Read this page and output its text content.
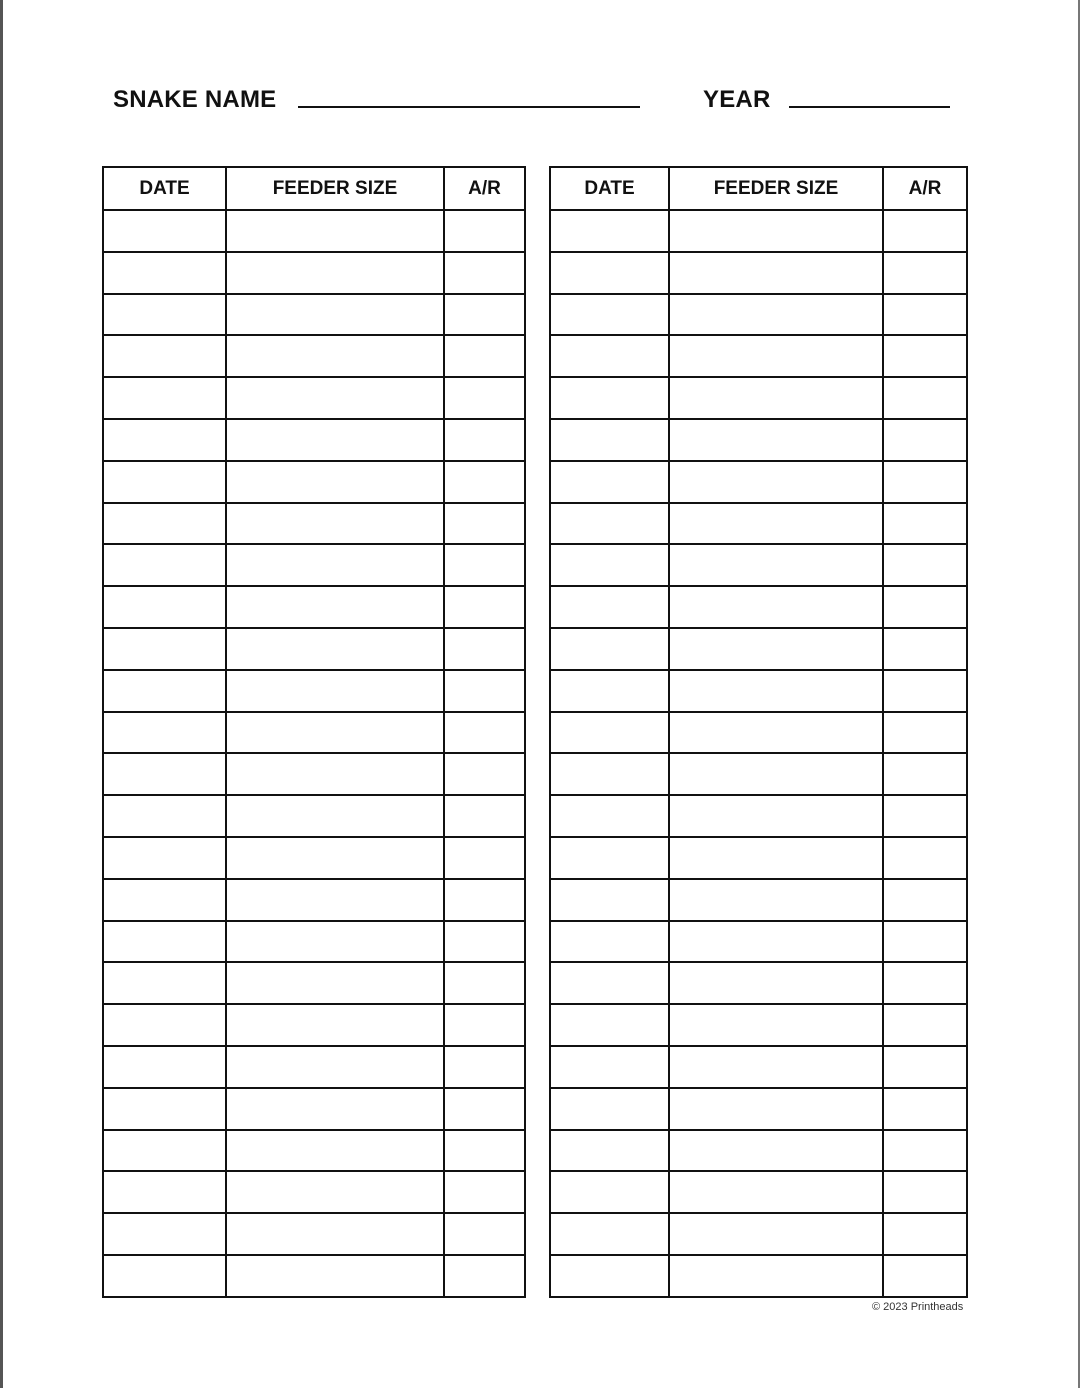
SNAKE NAME	YEAR
DATE	FEEDER SIZE	A/R

			DATE	FEEDER SIZE	A/R

© 2023 Printheads
